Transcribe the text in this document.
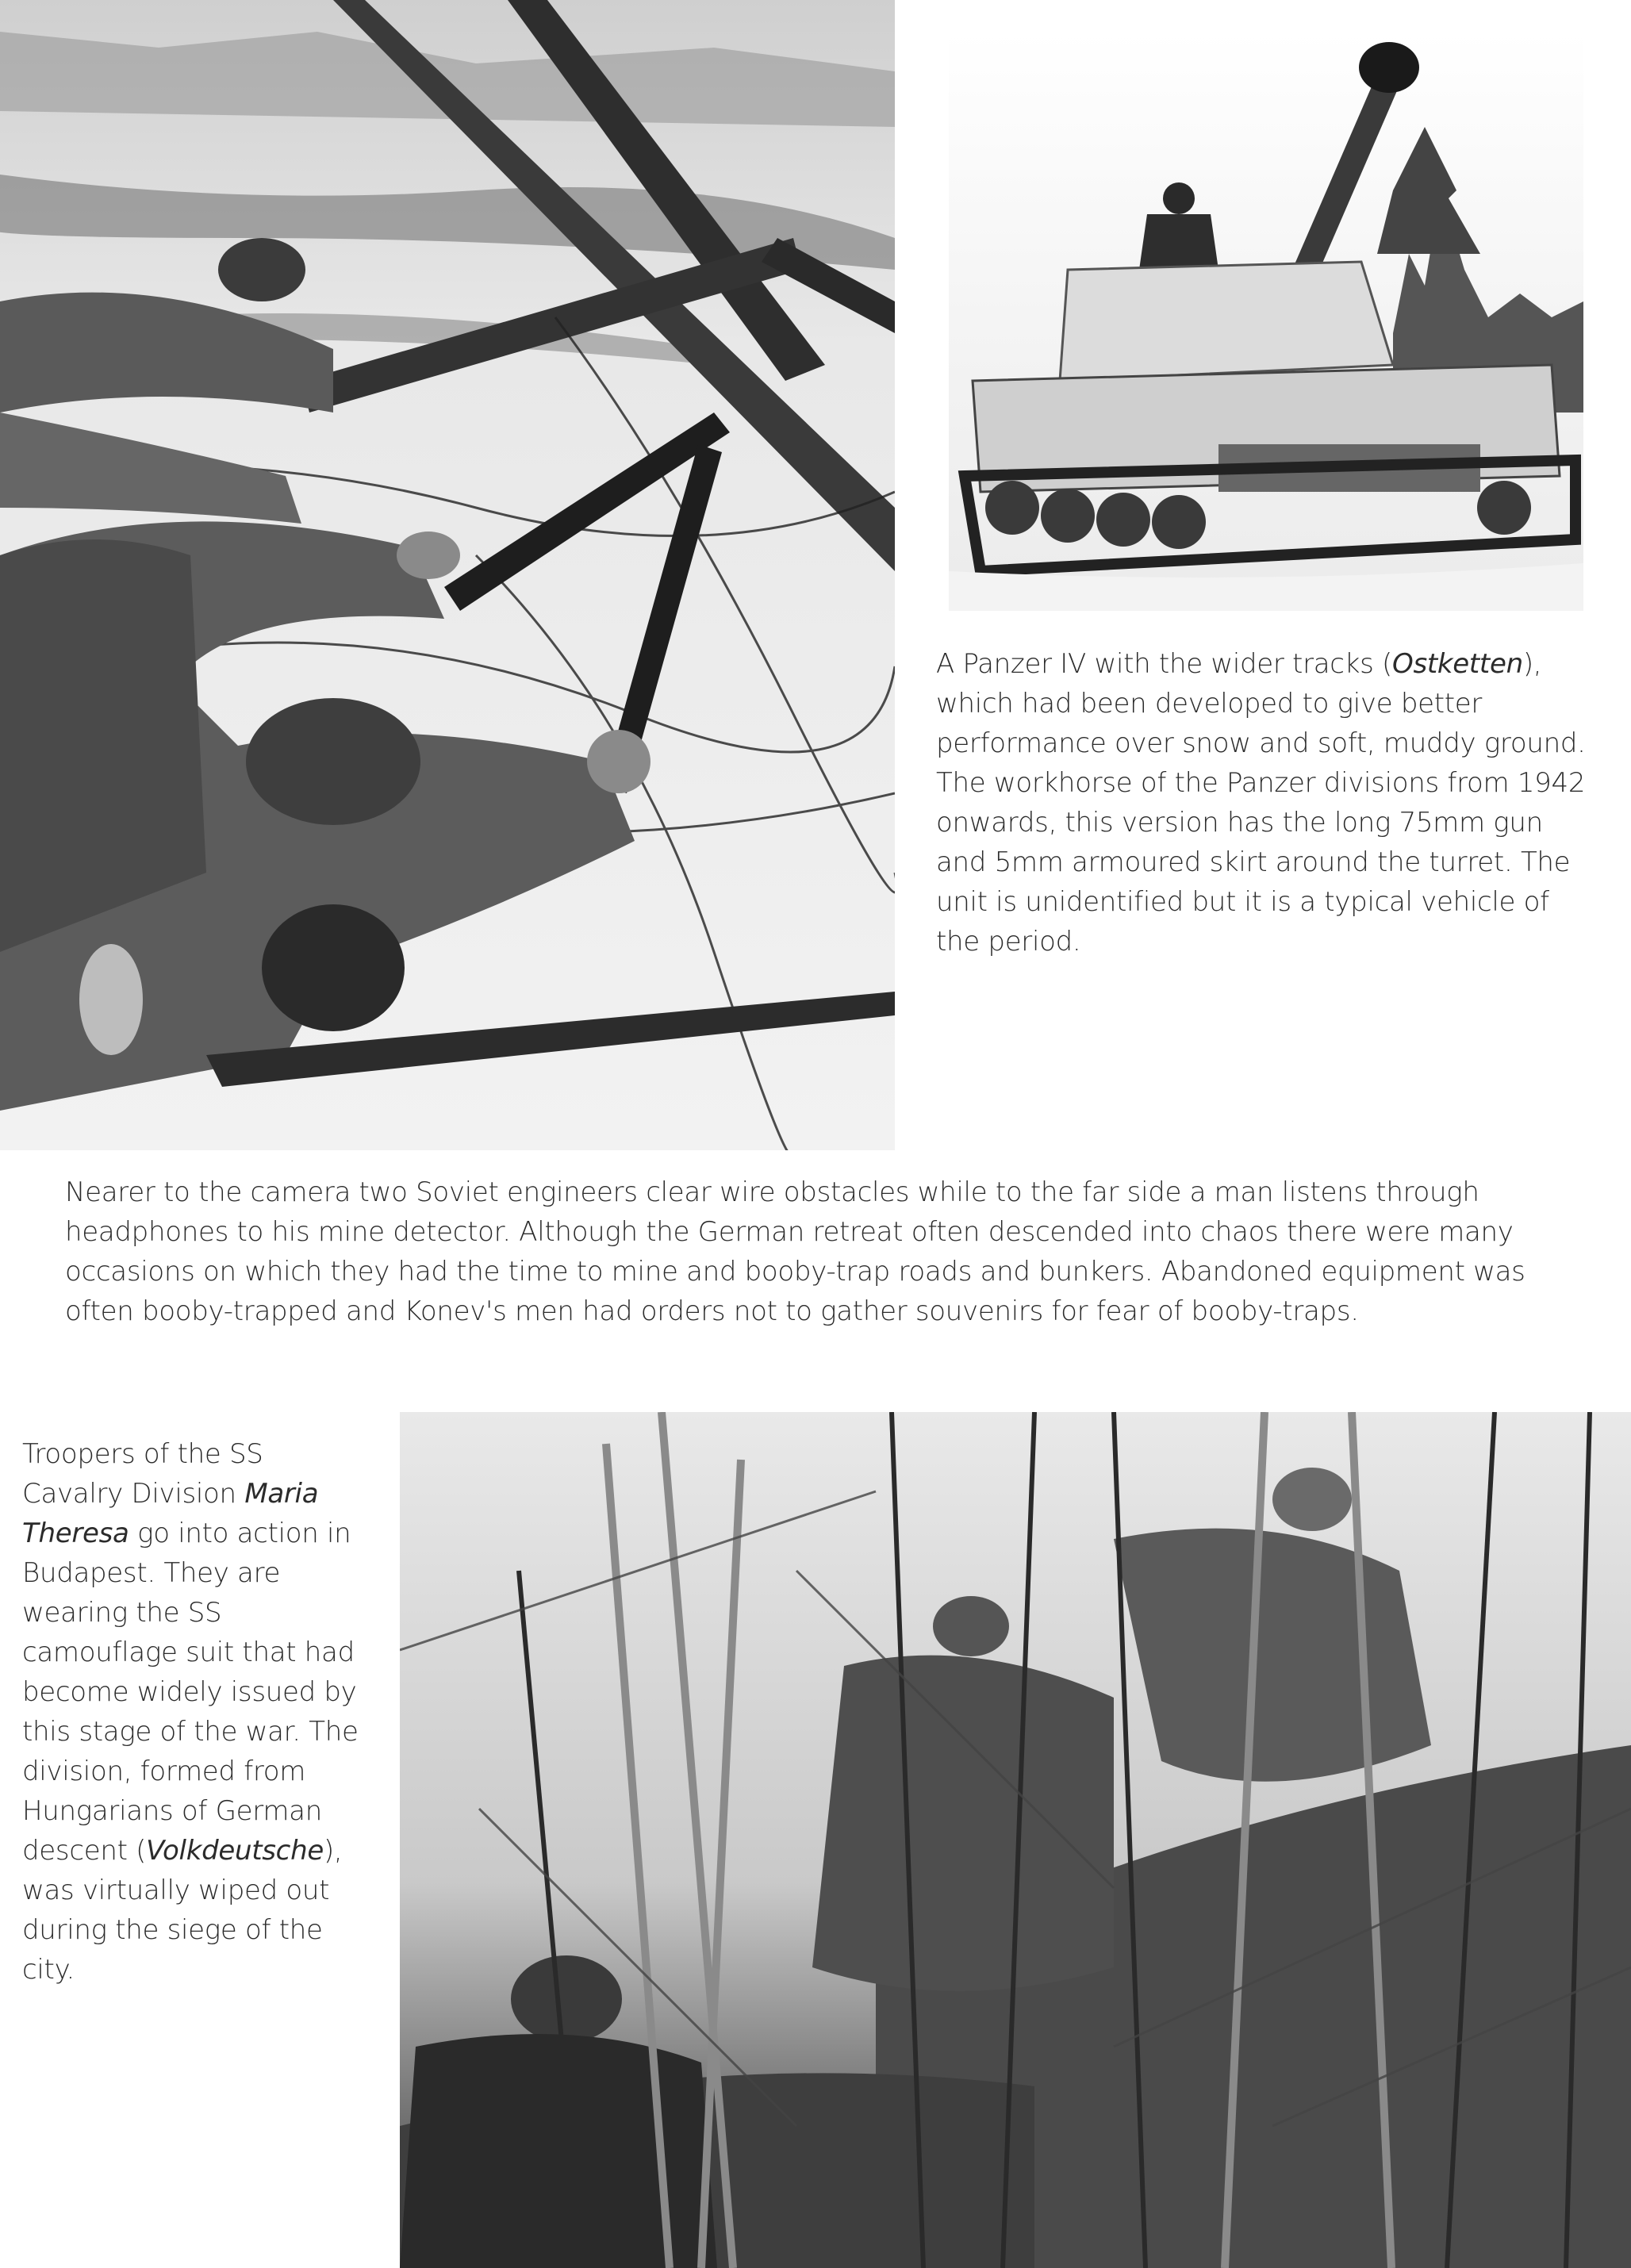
A Panzer IV with the wider tracks (Ostketten), which had been developed to give better performance over snow and soft, muddy ground. The workhorse of the Panzer divisions from 1942 onwards, this version has the long 75mm gun and 5mm armoured skirt around the turret. The unit is unidentified but it is a typical vehicle of the period.
Nearer to the camera two Soviet engineers clear wire obstacles while to the far side a man listens through headphones to his mine detector. Although the German retreat often descended into chaos there were many occasions on which they had the time to mine and booby-trap roads and bunkers. Abandoned equipment was often booby-trapped and Konev's men had orders not to gather souvenirs for fear of booby-traps.
Troopers of the SS Cavalry Division Maria Theresa go into action in Budapest. They are wearing the SS camouflage suit that had become widely issued by this stage of the war. The division, formed from Hungarians of German descent (Volkdeutsche), was virtually wiped out during the siege of the city.
